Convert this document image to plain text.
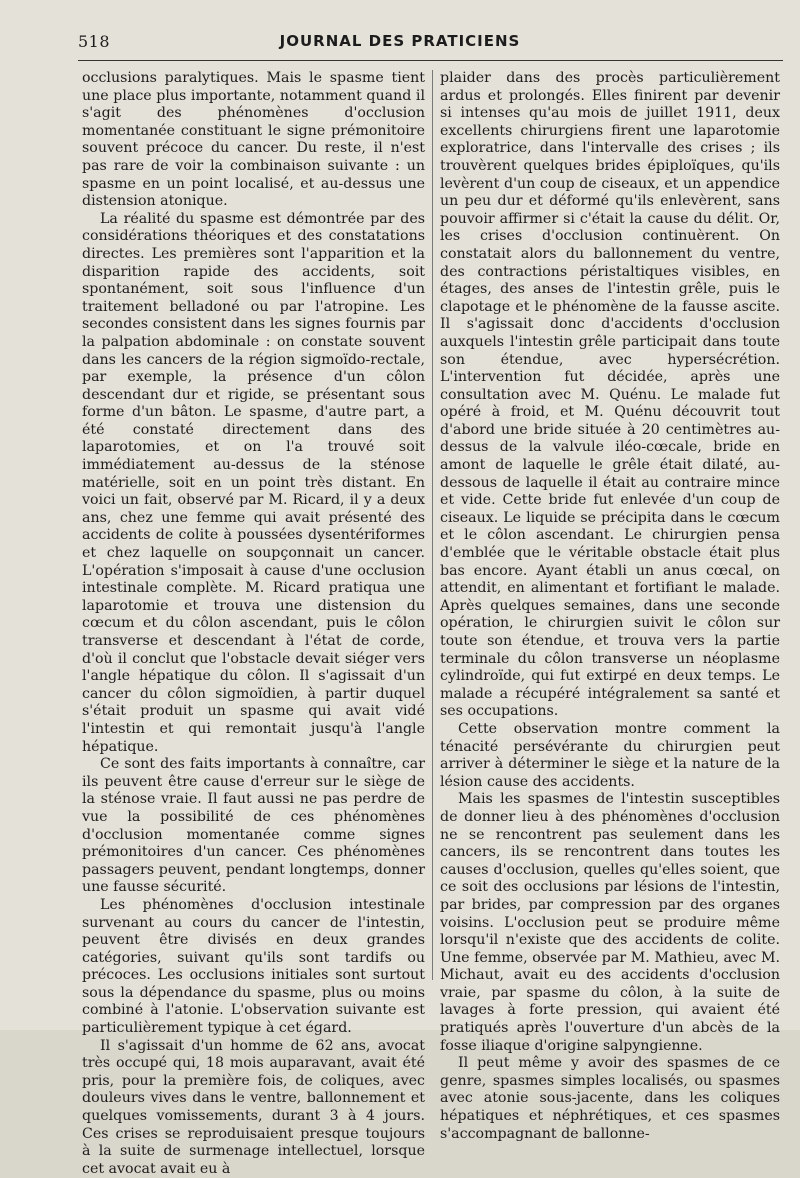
518	JOURNAL DES PRATICIENS

occlusions paralytiques. Mais le spasme tient une place plus importante, notamment quand il s'agit des phénomènes d'occlusion momentanée constituant le signe prémonitoire souvent précoce du cancer. Du reste, il n'est pas rare de voir la combinaison suivante : un spasme en un point localisé, et au-dessus une distension atonique.

La réalité du spasme est démontrée par des considérations théoriques et des constatations directes. Les premières sont l'apparition et la disparition rapide des accidents, soit spontanément, soit sous l'influence d'un traitement belladoné ou par l'atropine. Les secondes consistent dans les signes fournis par la palpation abdominale : on constate souvent dans les cancers de la région sigmoïdo-rectale, par exemple, la présence d'un côlon descendant dur et rigide, se présentant sous forme d'un bâton. Le spasme, d'autre part, a été constaté directement dans des laparotomies, et on l'a trouvé soit immédiatement au-dessus de la sténose matérielle, soit en un point très distant. En voici un fait, observé par M. Ricard, il y a deux ans, chez une femme qui avait présenté des accidents de colite à poussées dysentériformes et chez laquelle on soupçonnait un cancer. L'opération s'imposait à cause d'une occlusion intestinale complète. M. Ricard pratiqua une laparotomie et trouva une distension du cœcum et du côlon ascendant, puis le côlon transverse et descendant à l'état de corde, d'où il conclut que l'obstacle devait siéger vers l'angle hépatique du côlon. Il s'agissait d'un cancer du côlon sigmoïdien, à partir duquel s'était produit un spasme qui avait vidé l'intestin et qui remontait jusqu'à l'angle hépatique.

Ce sont des faits importants à connaître, car ils peuvent être cause d'erreur sur le siège de la sténose vraie. Il faut aussi ne pas perdre de vue la possibilité de ces phénomènes d'occlusion momentanée comme signes prémonitoires d'un cancer. Ces phénomènes passagers peuvent, pendant longtemps, donner une fausse sécurité.

Les phénomènes d'occlusion intestinale survenant au cours du cancer de l'intestin, peuvent être divisés en deux grandes catégories, suivant qu'ils sont tardifs ou précoces. Les occlusions initiales sont surtout sous la dépendance du spasme, plus ou moins combiné à l'atonie. L'observation suivante est particulièrement typique à cet égard.

Il s'agissait d'un homme de 62 ans, avocat très occupé qui, 18 mois auparavant, avait été pris, pour la première fois, de coliques, avec douleurs vives dans le ventre, ballonnement et quelques vomissements, durant 3 à 4 jours. Ces crises se reproduisaient presque toujours à la suite de surmenage intellectuel, lorsque cet avocat avait eu à

plaider dans des procès particulièrement ardus et prolongés. Elles finirent par devenir si intenses qu'au mois de juillet 1911, deux excellents chirurgiens firent une laparotomie exploratrice, dans l'intervalle des crises ; ils trouvèrent quelques brides épiploïques, qu'ils levèrent d'un coup de ciseaux, et un appendice un peu dur et déformé qu'ils enlevèrent, sans pouvoir affirmer si c'était la cause du délit. Or, les crises d'occlusion continuèrent. On constatait alors du ballonnement du ventre, des contractions péristaltiques visibles, en étages, des anses de l'intestin grêle, puis le clapotage et le phénomène de la fausse ascite. Il s'agissait donc d'accidents d'occlusion auxquels l'intestin grêle participait dans toute son étendue, avec hypersécrétion. L'intervention fut décidée, après une consultation avec M. Quénu. Le malade fut opéré à froid, et M. Quénu découvrit tout d'abord une bride située à 20 centimètres au-dessus de la valvule iléo-cœcale, bride en amont de laquelle le grêle était dilaté, au-dessous de laquelle il était au contraire mince et vide. Cette bride fut enlevée d'un coup de ciseaux. Le liquide se précipita dans le cœcum et le côlon ascendant. Le chirurgien pensa d'emblée que le véritable obstacle était plus bas encore. Ayant établi un anus cœcal, on attendit, en alimentant et fortifiant le malade. Après quelques semaines, dans une seconde opération, le chirurgien suivit le côlon sur toute son étendue, et trouva vers la partie terminale du côlon transverse un néoplasme cylindroïde, qui fut extirpé en deux temps. Le malade a récupéré intégralement sa santé et ses occupations.

Cette observation montre comment la ténacité persévérante du chirurgien peut arriver à déterminer le siège et la nature de la lésion cause des accidents.

Mais les spasmes de l'intestin susceptibles de donner lieu à des phénomènes d'occlusion ne se rencontrent pas seulement dans les cancers, ils se rencontrent dans toutes les causes d'occlusion, quelles qu'elles soient, que ce soit des occlusions par lésions de l'intestin, par brides, par compression par des organes voisins. L'occlusion peut se produire même lorsqu'il n'existe que des accidents de colite. Une femme, observée par M. Mathieu, avec M. Michaut, avait eu des accidents d'occlusion vraie, par spasme du côlon, à la suite de lavages à forte pression, qui avaient été pratiqués après l'ouverture d'un abcès de la fosse iliaque d'origine salpyngienne.

Il peut même y avoir des spasmes de ce genre, spasmes simples localisés, ou spasmes avec atonie sous-jacente, dans les coliques hépatiques et néphrétiques, et ces spasmes s'accompagnant de ballonne-
